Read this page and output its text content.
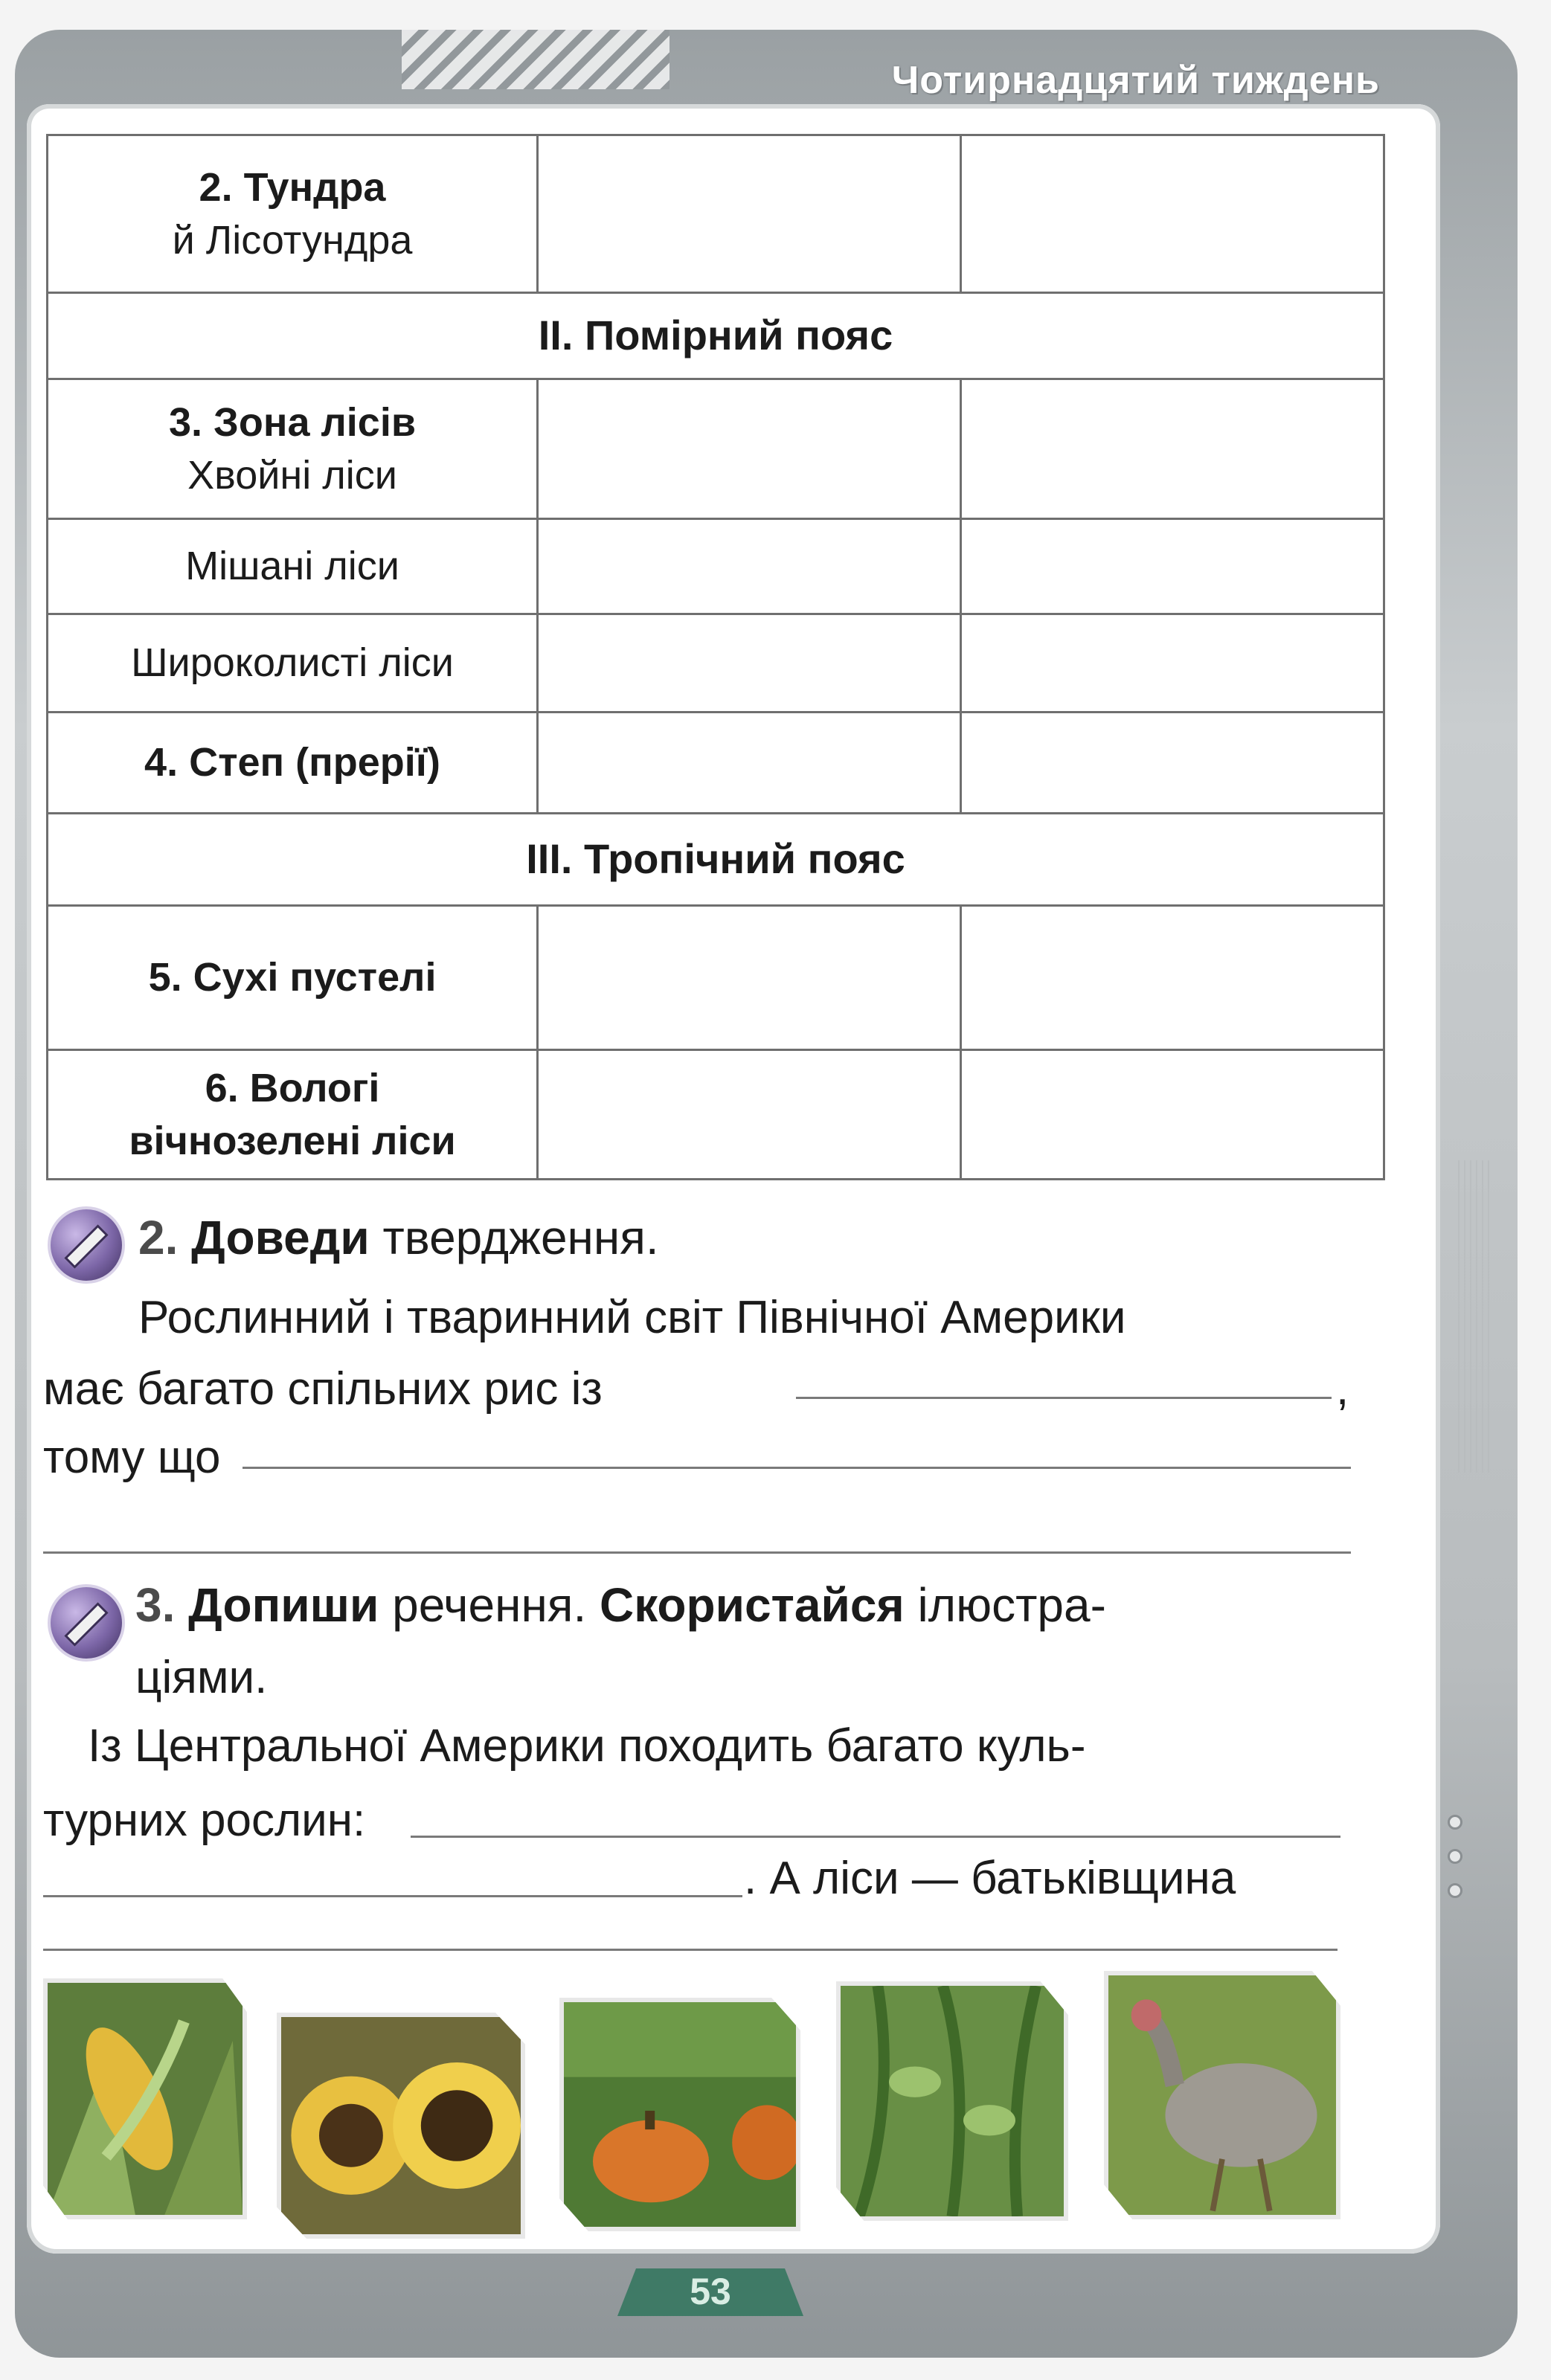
Чотирнадцятий тиждень
2. Тундра
й Лісотундра		

ІІ. Помірний пояс		

3. Зона лісів
Хвойні ліси		

Мішані ліси		

Широколисті ліси		

4. Степ (прерії)		

ІІІ. Тропічний пояс		

5. Сухі пустелі		

6. Вологі вічнозелені ліси		

2. Доведи твердження.
Рослинний і тваринний світ Північної Америки
має багато спільних рис із	,
тому що
3. Допиши речення. Скористайся ілюстра-
ціями.
Із Центральної Америки походить багато куль-
турних рослин:
. А ліси — батьківщина
53
